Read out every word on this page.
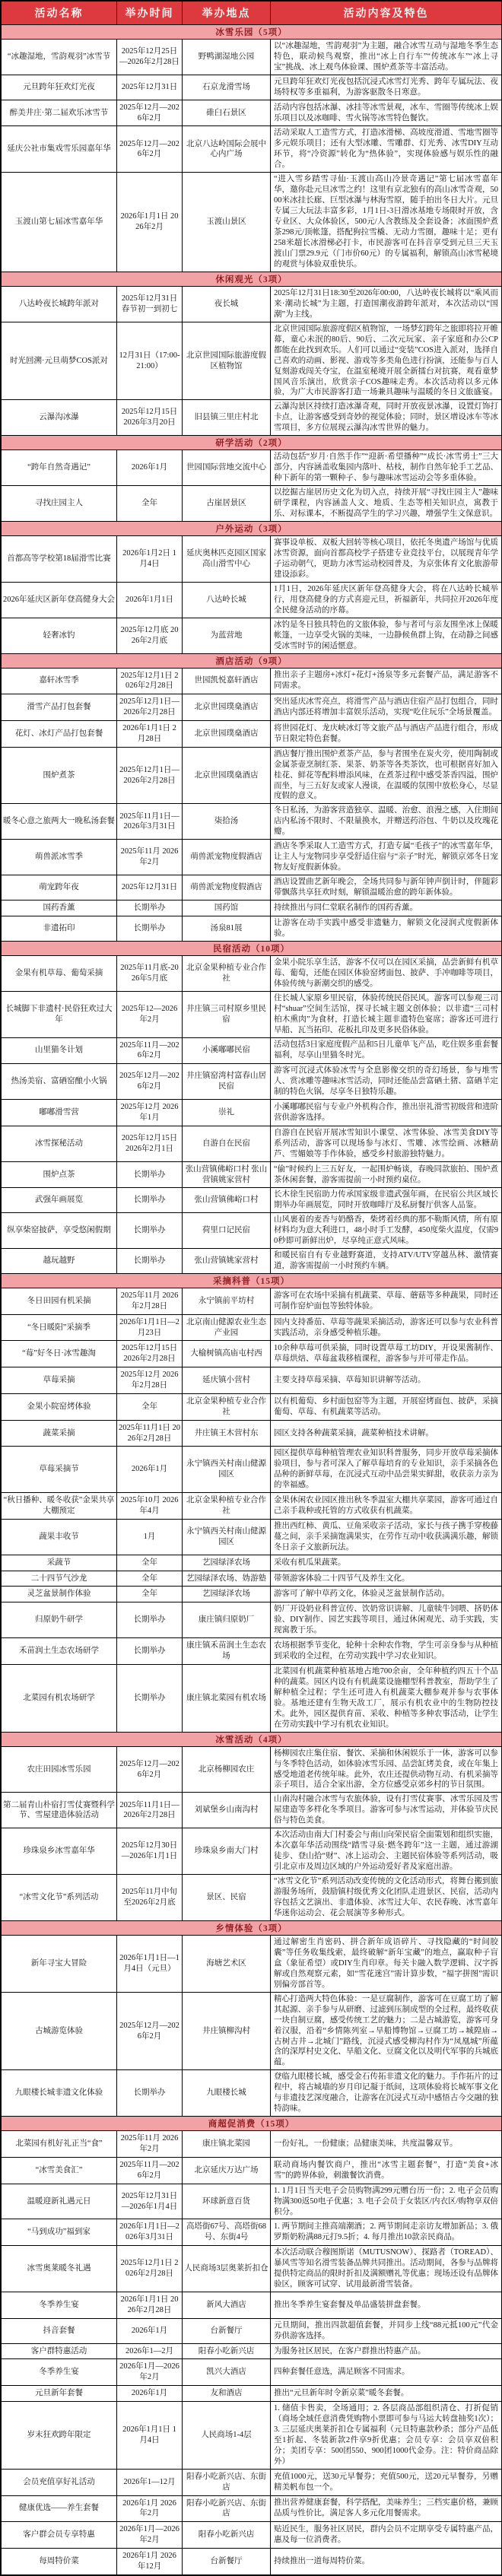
活动名称	举办时间	举办地点	活动内容及特色
冰雪乐园（5项）			
“冰趣湿地，雪韵观羽”冰雪节	2025年12月25日—2026年2月28日	野鸭湖湿地公园	以“冰趣湿地，雪韵观羽”为主题，融合冰雪互动与湿地冬季生态特色，联动候鸟观察，推出“冰上自行车”“传统冰车”“冰上寻宝”挑战、冰上观鸟体验课、围炉煮茶等丰富活动。
元旦跨年狂欢灯光夜	2025年12月31日	石京龙滑雪场	元旦跨年狂欢灯光夜包括沉浸式冰雪灯光秀、跨年专属玩法、夜场特权等多重福利，为游客驱散冬日寒意。
醉美井庄·第二届欢乐冰雪节	2025年12月—2026年2月	碓臼石景区	活动内容包括冰瀑、冰挂等冰雪景观，冰车、雪圈等传统冰上娱乐项目以及冰咖啡、雪火锅等冰雪特色餐饮。
延庆公社市集戏雪乐园嘉年华	2025年12月—2026年2月	北京八达岭国际会展中心内广场	活动采取人工造雪方式，打造冰滑梯、高坡度滑道、雪地雪圈等多元娱乐项目；还有大型冰雕、雪雕群、灯光秀、冰雪DIY互动环节，将“冷资源”转化为“热体验”，实现体验感与娱乐性的融合。
玉渡山第七届冰雪嘉年华	2026年1月1日 2026年2月	玉渡山景区	“进入雪乡踏雪寻仙·玉渡山高山冷景奇遇记”第七届冰雪嘉年华，邀你赴元旦冰雪之约！这里有京北独有的高山冰雪奇观，5000米冰挂长廊、巨型冰瀑与林海雪原，随手拍出冬日大片。元旦专属三大玩法丰富多彩，1月1日-3日滑冰基地专场限时开放，含专业区、大众体验区，500元/人含教练及全套设备；冰面围炉煮茶298元/顶帐篷，搭配狗拉雪橇、无动力雪圈，趣味十足；更有258米超长冰滑梯必打卡，市民游客可在抖音享受到元旦三天玉渡山门票29.9元（门市价60元）的专属福利，解锁高山冰雪秘境的观赏与体验双重快乐。
休闲观光（3项）			
八达岭夜长城跨年派对	2025年12月31日 春节初一到初七	夜长城	2025年12月31日18:30至2026年00:00，八达岭夜长城将以“乘风而来·潮动长城”为主题，打造国潮夜游跨年派对，本次活动以“国潮”为主线。
时光回溯·元旦萌梦COS派对	12月31日（17:00-21:00）	北京世园国际旅游度假区植物馆	北京世园国际旅游度假区植物馆，一场梦幻跨年之旅即将拉开帷幕，童心未泯的80后、90后、二次元玩家、亲子家庭和办公CP都能在此找到欢乐。人们可以通过“变装”COS进入派对，选择自己喜欢的动画、影视、游戏等多类角色进行扮演，还能参与百人复刻游戏闯关夺宝，在温室秘境开展全新擂台对抗赛，观看童梦国风音乐演出，欣赏亲子COS趣味走秀。本次活动将以多元体验，为广大市民游客打造一场兼具趣味与温暖的冬日文旅盛宴。
云瀑沟冰瀑	2025年12月15日 2026年3月20日	旧县镇三里庄村北	云瀑沟景区持续打造冰瀑奇观，同时开放夜景冰瀑，设置灯饰打卡点，让游客感受到奇妙的视觉体验；同时，景区增设冰车等冰雪项目，多方位展现云瀑沟冰雪世界的魅力。
研学活动（2项）			
“跨年自然奇遇记”	2026年1月	世园国际营地交流中心	活动包括“岁月·自然手作”“迎新·希望播种”“成长·冰雪勇士”三大部分，内容涵盖收集园内落叶、枯枝，制作自然年轮手工艺品、种下新年的第一颗种子、参与趣味冰雪运动会等多重体验。
寻找庄园主人	全年	古崖居景区	以挖掘古崖居历史文化为切入点，持续开展“寻找庄园主人”趣味研学课程，内容涵盖人文、地质、生态等相关知识点，寓教于乐、对标课本，不断提高学生的学习兴趣，增强学生文保意识。
户外运动（3项）			
首都高等学校第18届滑雪比赛	2026年1月2日 1月4日	延庆奥林匹克园区国家高山滑雪中心	赛事设单板、双板大回转等核心项目，依托冬奥遗产场馆与优质冰雪资源，面向首都高校学子搭建专业竞技平台，以展现青年学子运动朝气，更助力冰雪运动校园普及，为京张体育文化旅游带建设添彩。
2026年延庆区新年登高健身大会	2026年1月1日	八达岭长城	1月1日，2026年延庆区新年登高健身大会，将在八达岭长城举行，用登高健身的方式喜迎元旦，祈福新年，共同拉开2026年度全民健身活动的序幕。
轻奢冰钓	2025年12月底 2026年2月底	为蓝营地	冰钓是冬日独具特色的文旅体验，参与者可与亲友围坐冰上保暖帐篷，一边享受火锅的美味，一边静候鱼群上钩，在动静之间感受冰雪时节的闲适惬意。
酒店活动（9项）			
嘉轩冰雪季	2025年12月1日 2026年2月28日	世园凯悦嘉轩酒店	推出亲子主题房+冰灯+花灯+汤泉等多元套餐产品，满足游客不同需求。
滑雪产品打包套餐	2025年12月1日—2026年2月28日	北京世园璞燊酒店	突出延庆冰雪亮点，将滑雪产品与酒店住宿产品打包组合，同时酒店内部还将增加丰富娱乐活动，实现“吃住玩乐”全场景覆盖。
花灯、冰灯产品打包套餐	2026年1月1日 2月28日	北京世园璞燊酒店	将世园花灯、龙庆峡冰灯等文旅产品与酒店产品进行组合，形成节日限定特色套餐。
围炉煮茶	2025年12月1日—2026年2月28日	北京世园璞燊酒店	酒店餐厅推出围炉煮茶产品，参与者围坐在炭火旁，使用陶制或金属茶壶烹制红茶、果茶、奶茶等各类茶饮，也可根据喜好加入桂花、鲜花等配料增添风味，在煮茶过程中感受茶香四溢，围炉而坐，与三五好友或家人漫谈，在温暖的氛围中放松身心，尽显度假的意义。
暖冬心意之旅两大一晚私汤套餐	2025年11月1日—2026年3月31日	柒拾汤	冬日私汤，为游客营造独享、温暖、治愈、浪漫之感，入住期间店内私汤不限时、不限量换水，并赠送药浴包、牛奶以及玫瑰花瓣。
萌兽派冰雪季	2025年11月 2026年2月	萌兽派宠物度假酒店	酒店冬季采取人工造雪方式，打造专属“毛孩子”的冰雪嘉年华，让主人与宠物同步享受舒适住宿与“亲子”时光，解锁京郊冬日宠物友好度假新体验。
萌宠跨年夜	2025年12月31日	萌兽派宠物度假酒店	酒店设置曲艺新年晚会，全场共同参与新年钟声倒计时，伴随彩带飘落共享狂欢时刻，解锁温暖治愈的跨年新体验。
国药香薰	长期举办	国药馆	持续推出与同仁堂联名制作的国药香薰。
非遗拓印	长期举办	汤泉81展	让游客在动手实践中感受非遗魅力，解锁文化浸润式度假新体验。
民宿活动（10项）			
金果有机草莓、葡萄采摘	2025年11月底-2026年5月底	北京金果种植专业合作社	金果小院乐享生活，游客不仅可以在园区采摘，品尝新鲜有机草莓、葡萄，还能在园区体验窑烤面包、披萨、手冲咖啡等项目，体验传统与新潮交织的感受。
长城脚下非遗村·民俗狂欢过大年	2025年12—2026年2月	井庄镇三司村原乡里民宿	住长城人家原乡里民宿，体验传统民俗民风。游客可以参观三司村“shuar”空间生活馆，探寻长城主题文创体验；以非遗“三司村柏木熏肉”为食材，打造长城主题非遗特色宴席；游客还可进行旱船、瓦当拓印、花板扎印及更多民俗体验。
山里猫冬计划	2025年11月—2026年2月	小溪嘟嘟民宿	活动包括3日家庭度假产品和5日儿童单飞产品，吃住娱多重套餐福利，尽享山里猫冬时光。
热汤美宿、富硒窑酿小火锅	2025年12月—2026年2月	井庄镇窑湾村富春山居民宿	游客可沉浸式体验冰雪与全息影像交织的奇幻场景，参与堆雪人、赏冰雕等趣味冰雪活动，同时还能品尝富硒土猪、富硒羊定制的特色火锅，尽享冬日独特乐趣。
嘟嘟滑雪营	2025年12月 2026年1月	崇礼	小溪嘟嘟民宿与专业户外机构合作，推出崇礼滑雪初级营和进阶营供游客选择。
冰雪探秘活动	2025年12月15日 2026年2月1日	自游自在民宿	自游自在民宿开展冰雪知识小课堂、冰雪体验、冰雪美食DIY等系列活动，游客可以现场参与冰灯、雪雕、冰雪绘画、冰糖葫芦、雪媚娘等手作体验，感受乡村旅游独特魅力。
围炉点茶	长期举办	张山营镇佛峪口村 张山营镇姚家营村	“偷”时候约上三五好友，一起围炉畅谈，春晚同款旅拍、围炉煮茶休闲套餐，游客需提前一小时预约桌位。
武强年画展览	长期举办	张山营镇佛峪口村	长木徐生民宿助力传承国家级非遗武强年画，在民宿公共区域长期举办年画展览，同时开放咖啡厅及私厨餐厅供客人品鉴。
纵享柴窑披萨，享受悠闲假期	长期举办	荷里口记民宿	山风裹着的麦香与奶酪香，柴烤着经典的那不勒斯风情，所有原材料均为意大利进口，48小时手工发酵，450度柴火温度，仅需90秒即可新鲜出炉，尽享纯正意式风味。
越玩越野	长期举办	张山营镇姚家营村	和暖民宿自有专业越野赛道，支持ATV/UTV穿越丛林、激情赛道，游客需提前一小时预约车辆。
采摘科普（15项）			
冬日田园有机采摘	2025年11月 2026年2月28日	永宁镇前平坊村	游客可在农场中采摘有机蔬菜、草莓、蘑菇等多种蔬果，同时还可制作窑炉面包等独特体验。
“冬日暖阳”采摘季	2026年1月1日—2月23日	北京南山健源农业生态产业园	园内支持番茄、草莓等蔬果采摘活动，游客还可以参与农业科普实践活动，亲身感受种植乐趣。
“莓”好冬日·冰雪趣淘	2025年12月15日 2026年2月28日	大榆树镇高庙屯村西	10余种草莓可供采摘，同时设置草莓工坊DIY，开设果酱制作、草莓烘焙、草莓盆栽移植课程，游客参与并可带走作品。
草莓采摘	2025年12月 2026年2月28日	延庆镇小营村	主要支持草莓采摘、草莓知识讲解等活动。
金果小院窑烤体验	全年	北京金果种植专业合作社	以有机葡萄、乡村面包窑等为主题，开展窑烤面包、披萨，采摘葡萄、草莓、有机蔬菜等活动。
蔬菜采摘	2025年11月1日 2026年2月28日	井庄镇王木营村东	园区支持各种蔬菜采摘，蔬菜种植技术讲解。
草莓采摘节	2026年1月	永宁镇西关村南山健源园区	园区提供草莓种植管理农业知识科普服务，同步开放草莓采摘体验项目，参与者可深入了解草莓培育的专业知识，亲手采摘各色品种的新鲜草莓，在沉浸式互动中品尝果实鲜甜，收获亲力亲为的幸福感。
“秋日播种、暖冬收获”金果共享大棚预定	2025年10月 2026年4月	北京金果种植专业合作社	金果休闲农业园区推出秋冬季温室大棚共享菜园，游客可通过自己亲手栽种或托管的方式收获有机蔬菜。
蔬果丰收节	1月	永宁镇西关村南山健源园区	推出西红柿、黄瓜、豆角采收亲子活动，家长与孩子携手穿梭藤蔓之间，亲手采摘饱满果实，在劳作互动中收获满满乐趣，解锁冬日亲子文旅新玩法。
采蔬节	全年	艺园绿泽农场	采收有机瓜果蔬菜。
二十四节气沙龙	全年	艺园绿泽农场、妫游塾	带领游客体验二十四节气及养生文化。
灵芝盆景制作体验	全年	艺园绿泽农场	游客可了解中草药文化，体验灵芝盆景制作活动。
归原奶牛研学	长期举办	康庄镇归原奶厂	奶厂开设奶业科普宣传、饮奶常识讲解、儿童犊牛饲喂、挤奶体验、DIY制作、园艺实践等项目，通过休闲观光、动手实践，实现寓教于乐。
禾苗润土生态农场研学	长期举办	康庄镇禾苗润土生态农场	农场根据季节变化，轮种十余种农作物，学生可亲身参与从种植到采收的全过程，在劳动实践中学习农业知识。
北菜园有机农场研学	长期举办	康庄镇北菜园有机农场	北菜园有机蔬菜种植基地占地700余亩，全年种植约四五十个品种的蔬菜。园区内设有有机蔬菜设施棚型科普教室，帮助学生了解种植全过程；学生还可进入有机蔬菜大棚参观并参与农事体验。基地还建有生物天敌工厂，展示有机农业中的生物防控技术。此外，园区提供育苗、采收、种植等多种农事活动，让学生在劳动实践中学习有机农业知识。
冰雪活动（4项）			
农庄田园冰雪乐园	2025年12月—2026年2月	北京杨柳园农庄	杨柳园农庄集住宿、餐饮、采摘和休闲娱乐于一体，游客可以参与冬季特色活动，如体验冰雪乐园、品尝缸烤美食，或在年集上感受地道老传统年味。此外，农庄还提供动物互动、有机采摘等亲子项目，适合全家出游，全方位感受京郊乡村的节日氛围。
第二届青山朴宿打雪仗赛暨科学节、雪屋建造体验活动	2025年11月1日—2026年2月28日	刘斌堡乡山南沟村	山南沟村融合冰雪与农旅体验，设有打雪仗赛事、冰雪乐园及雪屋建造等多样化冬季项目。游客可参与冰雪运动，并体验节庆民俗与特色美食。
珍珠泉乡冰雪嘉年华	2025年12月30日—2026年1月1日	珍珠泉乡南大门村	本次活动由南大门村委会与南山向荣民宿全面策划和组织实施，本次嘉年华活动围绕“踏雪寻泉·燃冬跨年”这一主题，通过游湖徒步、登山拾“财”、冰上运动会、主题民宿体验等系列活动，吸引北京市及周边区域的户外运动爱好者及家庭出游。
“冰雪文化节”系列活动	2025年11月中旬至2026年2月底	景区、民宿	“冰雪文化节”系列活动改变传统的文化活动形式，将舞台搬到旅游服务场所，鼓励镇村级优秀文化团队走进景区、民宿，活动内容包括文艺演出、非遗体验、冰雪过大年、农民春晚、冰雪嘉年华迷你运动会、花会展演等多种形式。
乡情体验（3项）			
新年寻宝大冒险	2026年1月1日—1月4日（元旦）	海塘艺术区	通过解密生肖密码、拼合新年成语碎片、寻找隐藏的“时间胶囊”等任务收集线索，最终破解“新年宝藏”的地点，赢取种子盲盒（象征希望）或DIY生肖印章。每关卡融入数学逻辑、汉字拆解或自然观察元素，如“雪花迷宫”需计算步数，“福字拼图”需识别偏旁部首等。
古城游览体验	2025年12月—2026年2月	井庄镇柳沟村	精心打造两大特色体验：一是豆腐制作，游客可在豆腐工坊了解其起源、亲手参与从研磨、过滤到压制成型的全过程，最终收获一块自制豆腐，感受传统工艺的魅力；二是古城游览，游客可身着汉服，沿着“乡情陈列室→旱船博物馆→豆腐工坊→城隍庙→古树古井→北城门”路线，沉浸式感受柳沟村作为“凤凰城”所蕴含的深厚村史文化、旱船文化、豆腐文化以及明代军事的兵城底蕴。
九眼楼长城非遗文化体验	长期举办	九眼楼长城	登临九眼楼长城，感受金石传拓非遗文化的魅力。手作拓片的过程中，将古城墙的岁月印记凝于纸间，这项体验将长城军事文化与非遗技艺深度融合，让游客在沉浸式互动中感悟古今交融的独特韵味。
商超促消费（15项）			
北菜园有机好礼正当“食”	2025年11月 2026年2月	康庄镇北菜园	一份好礼，一份健康；品健康美味，共度温馨双节。
“冰雪美食汇”	2025年11月—2026年2月	北京延庆万达广场	联动商场内餐饮商户，推出“冰雪主题套餐”，打造“美食+冰雪”的跨界体验，刺激餐饮消费。
温暖迎新礼遇元日	2025年12月31日—2026年1月4日	环球新意百货	1. 1月1日当天电子会员购物满299元赠台历一份；2. 电子会员购物满300返50电子优惠；3. 电子会员于女装区/内衣区/购物享双倍积分。
“马到成功”福到家	2026年1月1日—2026年3月31日	高塔街67号、高塔街68号、东街4号	1. 两节期间主推高端潮酒；2. 两节期间走亲访友增加新品；3. 俄罗斯奶粉满88元打9.5折；4. 每月推出10款亲民商品。
冰雪奥莱暖冬礼遇	2025年12月1日 2026年2月28日	人民商场3层奥莱折扣仓	本次活动联合穆图斯诺（MUTUSNOW）、探路者（TOREAD）、暴风雪等知名滑雪装备品牌共同推出。活动期间，各参与品牌将提供特定商品的限时折扣及满额赠礼等优惠；现场还设有品牌体验区，顾客可试穿、试用最新滑雪装备。
冬季养生宴	2026年1月1日 2026年2月28日	新风大酒店	推出冬季养生宴套餐及单品盛装拼盘套餐。
抖音套餐	2026年1月	台新餐厅	元旦期间，推出四款超值套餐，并同步上线“88元抵100元”代金券供游客选择。
客户群特惠活动	2026年1—2月	阳春小吃新兴店	为服务社区居民，在客户群推出特惠产品。
冬季养生宴	2026年1月—2026年2月	凯兴大酒店	四种套餐任意选，满足顾客不同需求。
元旦新年套餐	2026年1月	友和酒店	推出“元旦新年时令新京菜”暖冬套餐。
岁末狂欢跨年限定	2026年1月1日 1月4日	人民商场1-4层	1. 储值卡售卖，全场通用；2. 各层商品部组织清仓、打折促销（商场全域任意消费凭购物小票即可参与马运大转盘抽奖1次）；3. 三层延庆奥莱折扣仓专属福利（元旦特惠款秒杀；部分产品低至1折起、冬装新款2件享9折优惠；会员专享：会员享双倍积分；美团专享：500团550、900团1000代金券。注：特价商品除外）
会员充值享好礼活动	2026年1—12月	阳春小吃新兴店、东街店	充值1000元，送30元早餐券；充值500元，送20元早餐券，另赠精美帆布包一个。
健康优选——养生套餐	2026年1月 2026年2月	阳春小吃新兴店、东街店	推出营养健康套餐，科学搭配，美味养生；三档实惠价格，兼顾品质与性价比，满足客人多元化用餐需求。
客户群会员专享特惠	2026年1月—2026年2月	阳春小吃新兴店	贴近民生，服务社区居民，群内会员不定期享受专属特惠产品，惠及每一位消费者。
每周特价菜	2026年1月 2026年12月	台新餐厅	持续推出一道每周特价菜。
